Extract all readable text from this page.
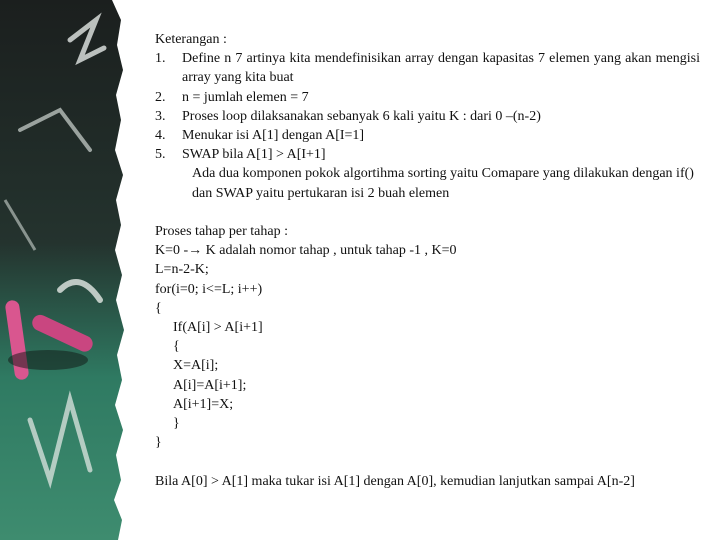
Keterangan :
1.	Define n 7 artinya kita mendefinisikan array dengan kapasitas 7 elemen yang akan mengisi array yang kita buat
2.	n = jumlah elemen = 7
3.	Proses loop dilaksanakan sebanyak 6 kali yaitu K : dari 0 –(n-2)
4.	Menukar isi A[1] dengan A[I=1]
5.	SWAP bila A[1] > A[I+1]
Ada dua komponen pokok algortihma sorting yaitu Comapare yang dilakukan dengan if() dan SWAP yaitu pertukaran isi 2 buah elemen
Proses tahap per tahap :
K=0 -→ K adalah nomor tahap , untuk tahap -1 , K=0
L=n-2-K;
for(i=0; i<=L; i++)
{
If(A[i] > A[i+1]
{
X=A[i];
A[i]=A[i+1];
A[i+1]=X;
}
}
Bila A[0] > A[1] maka tukar isi A[1] dengan A[0], kemudian lanjutkan sampai A[n-2]
